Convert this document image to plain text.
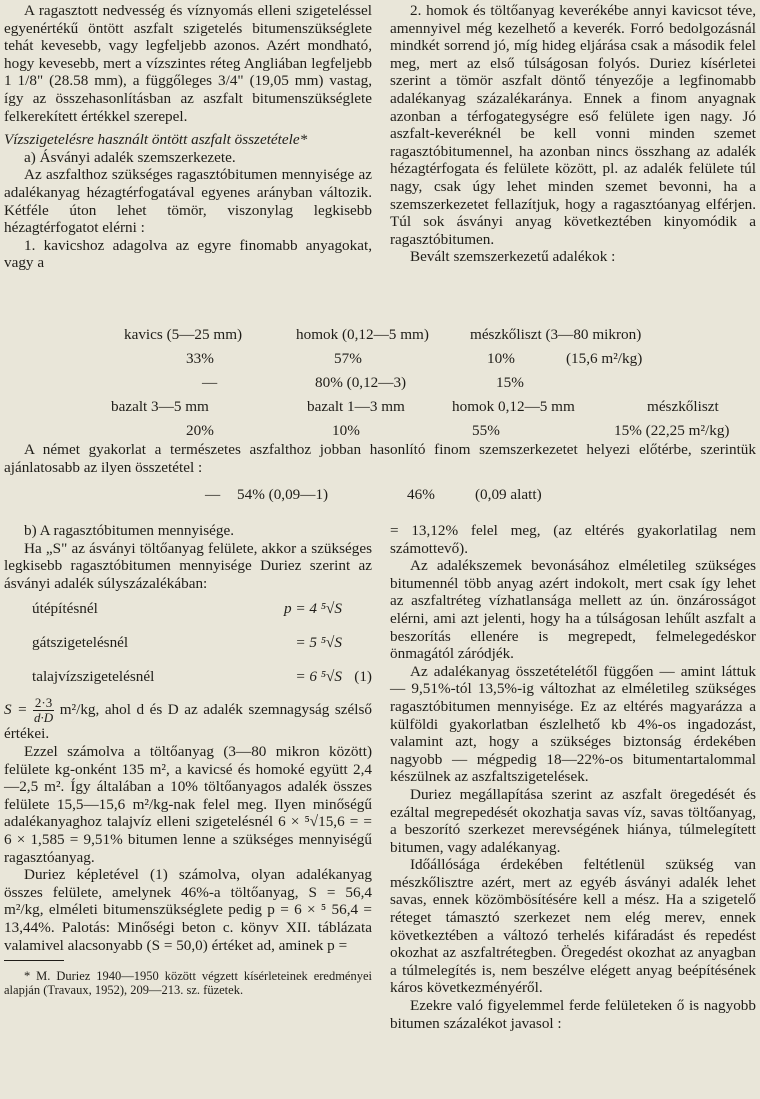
A ragasztott nedvesség és víznyomás elleni szigeteléssel egyenértékű öntött aszfalt szigetelés bitumenszükséglete tehát kevesebb, vagy legfeljebb azonos. Azért mondható, hogy kevesebb, mert a vízszintes réteg Angliában legfeljebb 1 1/8" (28.58 mm), a függőleges 3/4" (19,05 mm) vastag, így az összehasonlításban az aszfalt bitumenszükséglete felkerekített értékkel szerepel.

Vízszigetelésre használt öntött aszfalt összetétele*

a) Ásványi adalék szemszerkezete.

Az aszfalthoz szükséges ragasztóbitumen mennyisége az adalékanyag hézagtérfogatával egyenes arányban változik. Kétféle úton lehet tömör, viszonylag legkisebb hézagtérfogatot elérni :

1. kavicshoz adagolva az egyre finomabb anyagokat, vagy a

2. homok és töltőanyag keverékébe annyi kavicsot téve, amennyivel még kezelhető a keverék. Forró bedolgozásnál mindkét sorrend jó, míg hideg eljárása csak a második felel meg, mert az első túlságosan folyós. Duriez kísérletei szerint a tömör aszfalt döntő tényezője a legfinomabb adalékanyag százalékaránya. Ennek a finom anyagnak azonban a térfogategységre eső felülete igen nagy. Jó aszfalt-keveréknél be kell vonni minden szemet ragasztóbitumennel, ha azonban nincs összhang az adalék hézagtérfogata és felülete között, pl. az adalék felülete túl nagy, csak úgy lehet minden szemet bevonni, ha a szemszerkezetet fellazítjuk, hogy a ragasztóanyag elférjen. Túl sok ásványi anyag következtében kinyomódik a ragasztóbitumen.

Bevált szemszerkezetű adalékok :

kavics (5—25 mm)	homok (0,12—5 mm)	mészkőliszt (3—80 mikron)
33%	57%	10%	(15,6 m²/kg)
—	80% (0,12—3)	15%
bazalt 3—5 mm	bazalt 1—3 mm	homok 0,12—5 mm	mészkőliszt
20%	10%	55%	15% (22,25 m²/kg)

A német gyakorlat a természetes aszfalthoz jobban hasonlító finom szemszerkezetet helyezi előtérbe, szerintük ajánlatosabb az ilyen összetétel :

— 54% (0,09—1)	46%	(0,09 alatt)

b) A ragasztóbitumen mennyisége.

Ha „S" az ásványi töltőanyag felülete, akkor a szükséges legkisebb ragasztóbitumen mennyisége Duriez szerint az ásványi adalék súlyszázalékában:

útépítésnél	p = 4 ⁵√S
gátszigetelésnél	= 5 ⁵√S
talajvízszigetelésnél	= 6 ⁵√S (1)

$S = \frac{2\cdot 3}{d\cdot D} m^2/kg$, ahol d és D az adalék szemnagyság szélső értékei.

Ezzel számolva a töltőanyag (3—80 mikron között) felülete kg-onként 135 m², a kavicsé és homoké együtt 2,4—2,5 m². Így általában a 10% töltőanyagos adalék összes felülete 15,5—15,6 m²/kg-nak felel meg. Ilyen minőségű adalékanyaghoz talajvíz elleni szigetelésnél 6 × ⁵√15,6 = = 6 × 1,585 = 9,51% bitumen lenne a szükséges mennyiségű ragasztóanyag.

Duriez képletével (1) számolva, olyan adalékanyag összes felülete, amelynek 46%-a töltőanyag, S = 56,4 m²/kg, elméleti bitumenszükséglete pedig p = 6 × ⁵ 56,4 = 13,44%. Palotás: Minőségi beton c. könyv XII. táblázata valamivel alacsonyabb (S = 50,0) értéket ad, aminek p =

* M. Duriez 1940—1950 között végzett kísérleteinek eredményei alapján (Travaux, 1952), 209—213. sz. füzetek.

= 13,12% felel meg, (az eltérés gyakorlatilag nem számottevő).

Az adalékszemek bevonásához elméletileg szükséges bitumennél több anyag azért indokolt, mert csak így lehet az aszfaltréteg vízhatlansága mellett az ún. önzárosságot elérni, ami azt jelenti, hogy ha a túlságosan lehűlt aszfalt a beszorítás ellenére is megrepedt, felmelegedéskor önmagától záródjék.

Az adalékanyag összetételétől függően — amint láttuk — 9,51%-tól 13,5%-ig változhat az elméletileg szükséges ragasztóbitumen mennyisége. Ez az eltérés magyarázza a külföldi gyakorlatban észlelhető kb 4%-os ingadozást, valamint azt, hogy a szükséges biztonság érdekében nagyobb — mégpedig 18—22%-os bitumentartalommal készülnek az aszfaltszigetelések.

Duriez megállapítása szerint az aszfalt öregedését és ezáltal megrepedését okozhatja savas víz, savas töltőanyag, a beszorító szerkezet merevségének hiánya, túlmelegített bitumen, vagy adalékanyag.

Időállósága érdekében feltétlenül szükség van mészkőlisztre azért, mert az egyéb ásványi adalék lehet savas, ennek közömbösítésére kell a mész. Ha a szigetelő réteget támasztó szerkezet nem elég merev, ennek következtében a változó terhelés kifáradást és repedést okozhat az aszfaltrétegben. Öregedést okozhat az anyagban a túlmelegítés is, nem beszélve elégett anyag beépítésének káros következményéről.

Ezekre való figyelemmel ferde felületeken ő is nagyobb bitumen százalékot javasol :
